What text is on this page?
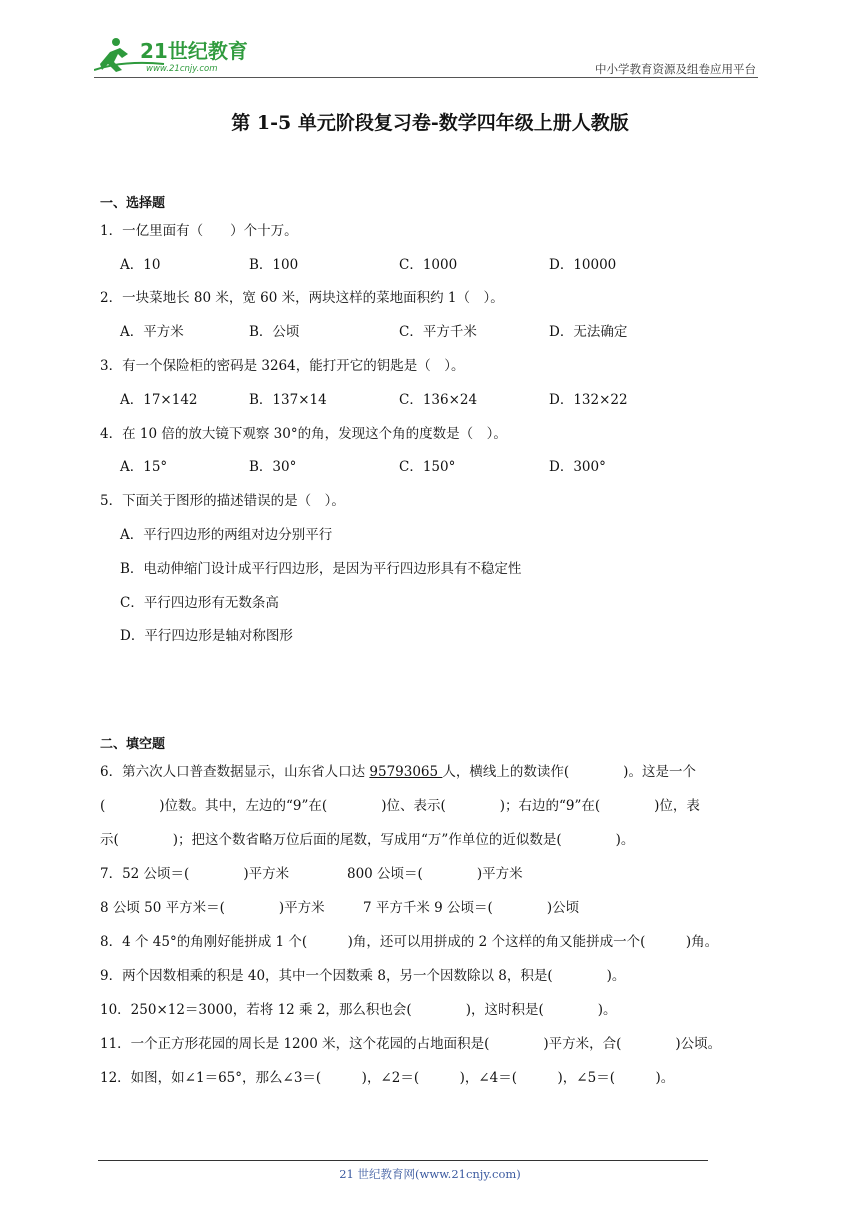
21世纪教育
www.21cnjy.com	中小学教育资源及组卷应用平台
第 1-5 单元阶段复习卷-数学四年级上册人教版
一、选择题
1．一亿里面有（　　）个十万。
A．10	B．100	C．1000	D．10000
2．一块菜地长 80 米，宽 60 米，两块这样的菜地面积约 1（　）。
A．平方米	B．公顷	C．平方千米	D．无法确定
3．有一个保险柜的密码是 3264，能打开它的钥匙是（　）。
A．17×142	B．137×14	C．136×24	D．132×22
4．在 10 倍的放大镜下观察 30°的角，发现这个角的度数是（　）。
A．15°	B．30°	C．150°	D．300°
5．下面关于图形的描述错误的是（　）。
A．平行四边形的两组对边分别平行
B．电动伸缩门设计成平行四边形，是因为平行四边形具有不稳定性
C．平行四边形有无数条高
D．平行四边形是轴对称图形
二、填空题
6．第六次人口普查数据显示，山东省人口达 95793065 人，横线上的数读作(　　　　)。这是一个
(　　　　)位数。其中，左边的“9”在(　　　　)位、表示(　　　　)；右边的“9”在(　　　　)位，表
示(　　　　)；把这个数省略万位后面的尾数，写成用“万”作单位的近似数是(　　　　)。
7．52 公顷＝(　　　　)平方米	800 公顷＝(　　　　)平方米
8 公顷 50 平方米＝(　　　　)平方米	7 平方千米 9 公顷＝(　　　　)公顷
8．4 个 45°的角刚好能拼成 1 个(　　　)角，还可以用拼成的 2 个这样的角又能拼成一个(　　　)角。
9．两个因数相乘的积是 40，其中一个因数乘 8，另一个因数除以 8，积是(　　　　)。
10．250×12＝3000，若将 12 乘 2，那么积也会(　　　　)，这时积是(　　　　)。
11．一个正方形花园的周长是 1200 米，这个花园的占地面积是(　　　　)平方米，合(　　　　)公顷。
12．如图，如∠1＝65°，那么∠3＝(　　　)，∠2＝(　　　)，∠4＝(　　　)，∠5＝(　　　)。
21 世纪教育网(www.21cnjy.com)
